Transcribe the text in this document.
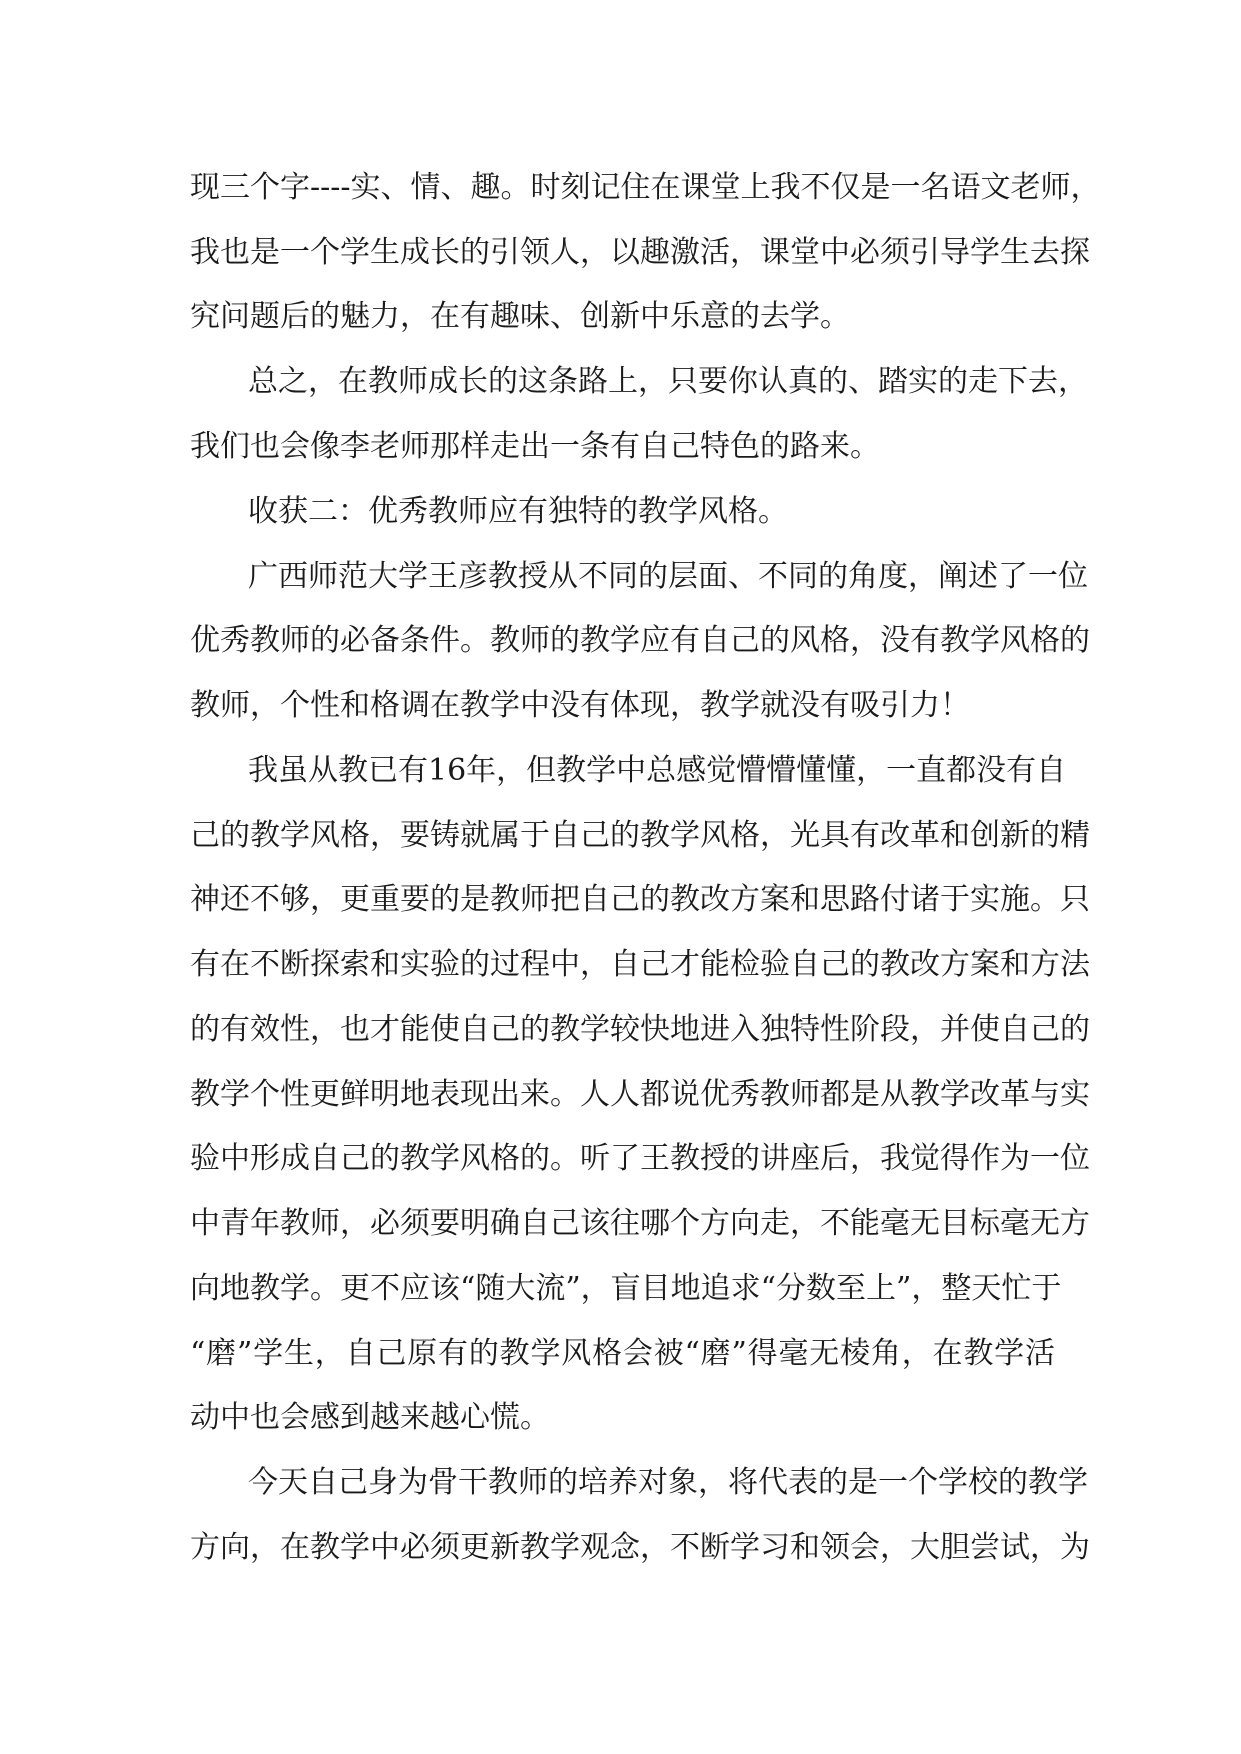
现三个字----实、情、趣。时刻记住在课堂上我不仅是一名语文老师，

我也是一个学生成长的引领人，以趣激活，课堂中必须引导学生去探

究问题后的魅力，在有趣味、创新中乐意的去学。

总之，在教师成长的这条路上，只要你认真的、踏实的走下去，

我们也会像李老师那样走出一条有自己特色的路来。

收获二：优秀教师应有独特的教学风格。

广西师范大学王彦教授从不同的层面、不同的角度，阐述了一位

优秀教师的必备条件。教师的教学应有自己的风格，没有教学风格的

教师，个性和格调在教学中没有体现，教学就没有吸引力！

我虽从教已有16年，但教学中总感觉懵懵懂懂，一直都没有自

己的教学风格，要铸就属于自己的教学风格，光具有改革和创新的精

神还不够，更重要的是教师把自己的教改方案和思路付诸于实施。只

有在不断探索和实验的过程中，自己才能检验自己的教改方案和方法

的有效性，也才能使自己的教学较快地进入独特性阶段，并使自己的

教学个性更鲜明地表现出来。人人都说优秀教师都是从教学改革与实

验中形成自己的教学风格的。听了王教授的讲座后，我觉得作为一位

中青年教师，必须要明确自己该往哪个方向走，不能毫无目标毫无方

向地教学。更不应该“随大流”，盲目地追求“分数至上”，整天忙于

“磨”学生，自己原有的教学风格会被“磨”得毫无棱角，在教学活

动中也会感到越来越心慌。

今天自己身为骨干教师的培养对象，将代表的是一个学校的教学

方向，在教学中必须更新教学观念，不断学习和领会，大胆尝试，为
